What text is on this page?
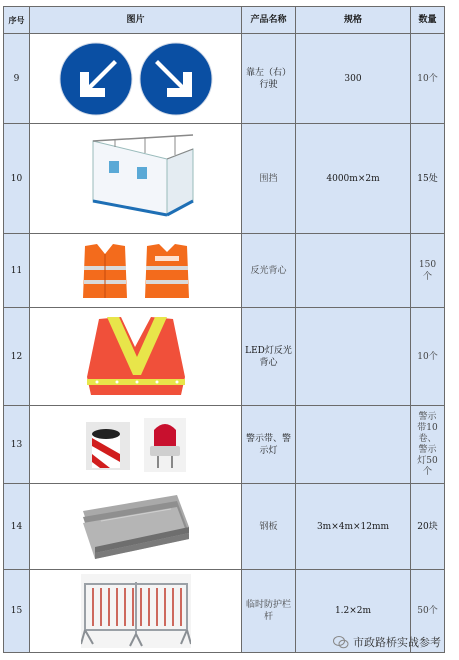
序号	图片	产品名称	规格	数量
9		靠左（右）行驶	300	10个
10		围挡	4000m×2m	15处
11		反光背心		150个
12		LED灯反光背心		10个
13		警示带、警示灯		警示带10卷、警示灯50个
14		钢板	3m×4m×12mm	20块
15		临时防护栏杆	1.2×2m	50个
市政路桥实战参考
